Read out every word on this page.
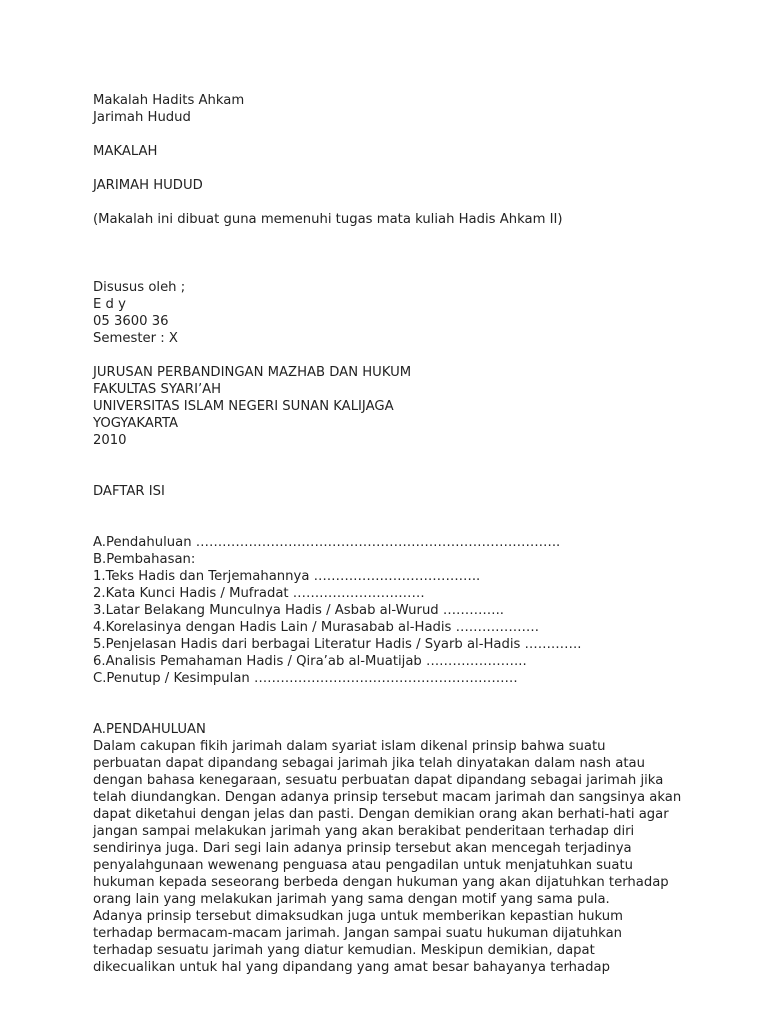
Makalah Hadits Ahkam
Jarimah Hudud
MAKALAH
JARIMAH HUDUD
(Makalah ini dibuat guna memenuhi tugas mata kuliah Hadis Ahkam II)
Disusus oleh ;
E d y
05 3600 36
Semester : X
JURUSAN PERBANDINGAN MAZHAB DAN HUKUM
FAKULTAS SYARI’AH
UNIVERSITAS ISLAM NEGERI SUNAN KALIJAGA
YOGYAKARTA
2010
DAFTAR ISI
A.Pendahuluan ………………………………………………………………………..
B.Pembahasan:
1.Teks Hadis dan Terjemahannya ………………………………..
2.Kata Kunci Hadis / Mufradat …………………………
3.Latar Belakang Munculnya Hadis / Asbab al-Wurud …………..
4.Korelasinya dengan Hadis Lain / Murasabab al-Hadis ……………….
5.Penjelasan Hadis dari berbagai Literatur Hadis / Syarb al-Hadis ………….
6.Analisis Pemahaman Hadis / Qira’ab al-Muatijab …………………..
C.Penutup / Kesimpulan ……………………………………………………
A.PENDAHULUAN
Dalam cakupan fikih jarimah dalam syariat islam dikenal prinsip bahwa suatu
perbuatan dapat dipandang sebagai jarimah jika telah dinyatakan dalam nash atau
dengan bahasa kenegaraan, sesuatu perbuatan dapat dipandang sebagai jarimah jika
telah diundangkan. Dengan adanya prinsip tersebut macam jarimah dan sangsinya akan
dapat diketahui dengan jelas dan pasti. Dengan demikian orang akan berhati-hati agar
jangan sampai melakukan jarimah yang akan berakibat penderitaan terhadap diri
sendirinya juga. Dari segi lain adanya prinsip tersebut akan mencegah terjadinya
penyalahgunaan wewenang penguasa atau pengadilan untuk menjatuhkan suatu
hukuman kepada seseorang berbeda dengan hukuman yang akan dijatuhkan terhadap
orang lain yang melakukan jarimah yang sama dengan motif yang sama pula.
Adanya prinsip tersebut dimaksudkan juga untuk memberikan kepastian hukum
terhadap bermacam-macam jarimah. Jangan sampai suatu hukuman dijatuhkan
terhadap sesuatu jarimah yang diatur kemudian. Meskipun demikian, dapat
dikecualikan untuk hal yang dipandang yang amat besar bahayanya terhadap
